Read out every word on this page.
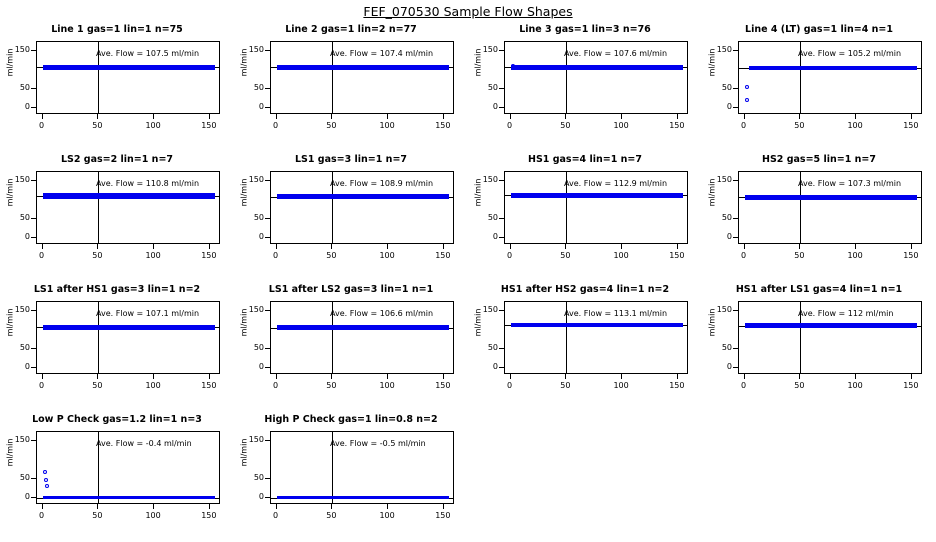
FEF_070530 Sample Flow Shapes
Line 1 gas=1 lin=1 n=75
ml/min
0
50
150
0	50	100	150
Ave. Flow = 107.5 ml/min
Line 2 gas=1 lin=2 n=77
ml/min
0
50
150
0	50	100	150
Ave. Flow = 107.4 ml/min
Line 3 gas=1 lin=3 n=76
ml/min
0
50
150
0	50	100	150
Ave. Flow = 107.6 ml/min
Line 4 (LT) gas=1 lin=4 n=1
ml/min
0
50
150
0	50	100	150
Ave. Flow = 105.2 ml/min
LS2 gas=2 lin=1 n=7
ml/min
0
50
150
0	50	100	150
Ave. Flow = 110.8 ml/min
LS1 gas=3 lin=1 n=7
ml/min
0
50
150
0	50	100	150
Ave. Flow = 108.9 ml/min
HS1 gas=4 lin=1 n=7
ml/min
0
50
150
0	50	100	150
Ave. Flow = 112.9 ml/min
HS2 gas=5 lin=1 n=7
ml/min
0
50
150
0	50	100	150
Ave. Flow = 107.3 ml/min
LS1 after HS1 gas=3 lin=1 n=2
ml/min
0
50
150
0	50	100	150
Ave. Flow = 107.1 ml/min
LS1 after LS2 gas=3 lin=1 n=1
ml/min
0
50
150
0	50	100	150
Ave. Flow = 106.6 ml/min
HS1 after HS2 gas=4 lin=1 n=2
ml/min
0
50
150
0	50	100	150
Ave. Flow = 113.1 ml/min
HS1 after LS1 gas=4 lin=1 n=1
ml/min
0
50
150
0	50	100	150
Ave. Flow = 112 ml/min
Low P Check gas=1.2 lin=1 n=3
ml/min
0
50
150
0	50	100	150
Ave. Flow = -0.4 ml/min
High P Check gas=1 lin=0.8 n=2
ml/min
0
50
150
0	50	100	150
Ave. Flow = -0.5 ml/min
